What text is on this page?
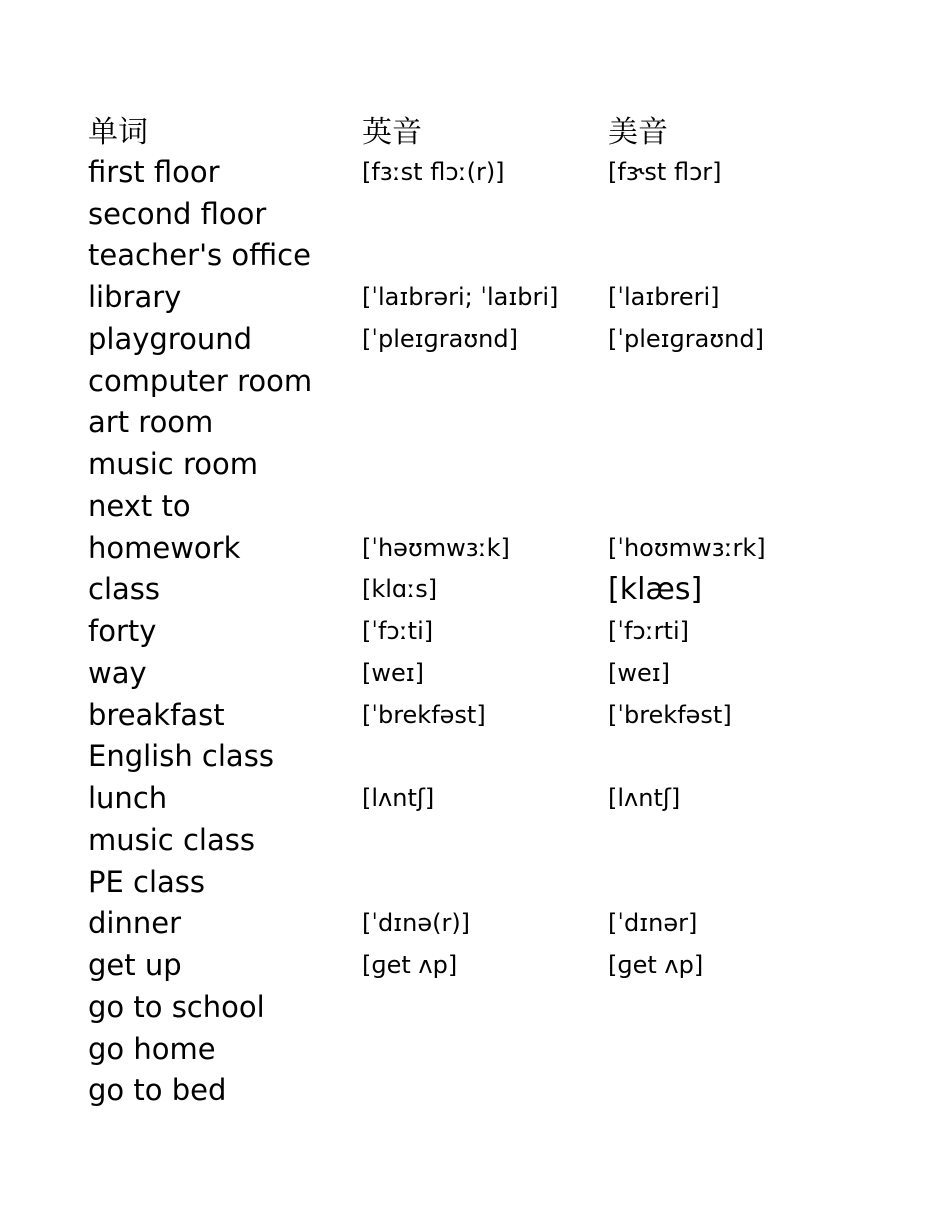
单词	英音	美音
first floor	[fɜːst flɔː(r)]	[fɝst flɔr]
second floor
teacher's office
library	[ˈlaɪbrəri; ˈlaɪbri] [ˈlaɪbreri]
playground	[ˈpleɪɡraʊnd]	[ˈpleɪɡraʊnd]
computer room
art room
music room
next to
homework	[ˈhəʊmwɜːk]	[ˈhoʊmwɜːrk]
class	[klɑːs]	[klæs]
forty	[ˈfɔːti]	[ˈfɔːrti]
way	[weɪ]	[weɪ]
breakfast	[ˈbrekfəst]	[ˈbrekfəst]
English class
lunch	[lʌntʃ]	[lʌntʃ]
music class
PE class
dinner	[ˈdɪnə(r)]	[ˈdɪnər]
get up	[ɡet ʌp]	[ɡet ʌp]
go to school
go home
go to bed
